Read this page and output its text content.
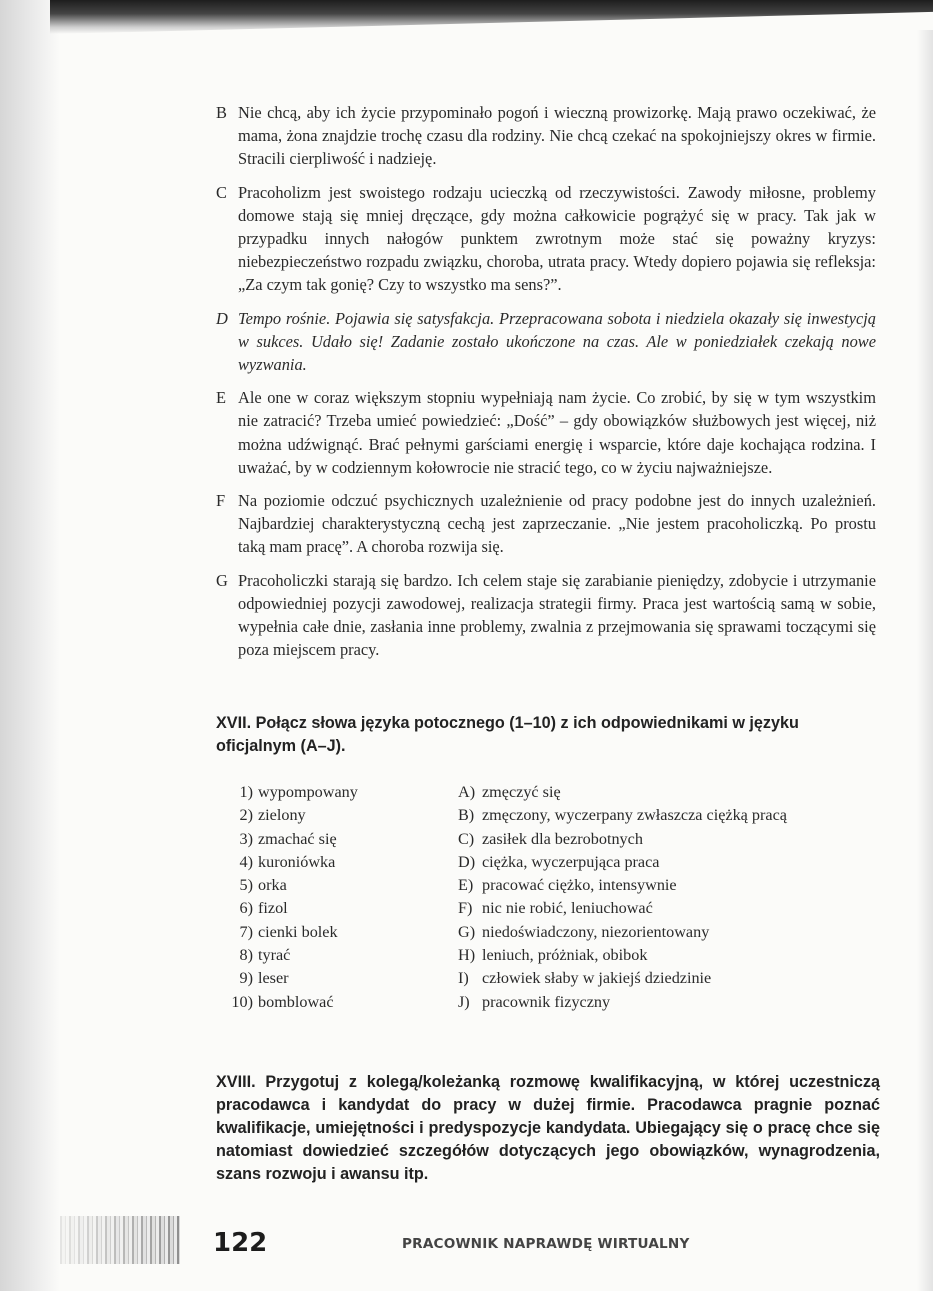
B Nie chcą, aby ich życie przypominało pogoń i wieczną prowizorkę. Mają prawo oczekiwać, że mama, żona znajdzie trochę czasu dla rodziny. Nie chcą czekać na spokojniejszy okres w firmie. Stracili cierpliwość i nadzieję.
C Pracoholizm jest swoistego rodzaju ucieczką od rzeczywistości. Zawody miłosne, problemy domowe stają się mniej dręczące, gdy można całkowicie pogrążyć się w pracy. Tak jak w przypadku innych nałogów punktem zwrotnym może stać się poważny kryzys: niebezpieczeństwo rozpadu związku, choroba, utrata pracy. Wtedy dopiero pojawia się refleksja: „Za czym tak gonię? Czy to wszystko ma sens?”.
D Tempo rośnie. Pojawia się satysfakcja. Przepracowana sobota i niedziela okazały się inwestycją w sukces. Udało się! Zadanie zostało ukończone na czas. Ale w poniedziałek czekają nowe wyzwania.
E Ale one w coraz większym stopniu wypełniają nam życie. Co zrobić, by się w tym wszystkim nie zatracić? Trzeba umieć powiedzieć: „Dość” – gdy obowiązków służbowych jest więcej, niż można udźwignąć. Brać pełnymi garściami energię i wsparcie, które daje kochająca rodzina. I uważać, by w codziennym kołowrocie nie stracić tego, co w życiu najważniejsze.
F Na poziomie odczuć psychicznych uzależnienie od pracy podobne jest do innych uzależnień. Najbardziej charakterystyczną cechą jest zaprzeczanie. „Nie jestem pracoholiczką. Po prostu taką mam pracę”. A choroba rozwija się.
G Pracoholiczki starają się bardzo. Ich celem staje się zarabianie pieniędzy, zdobycie i utrzymanie odpowiedniej pozycji zawodowej, realizacja strategii firmy. Praca jest wartością samą w sobie, wypełnia całe dnie, zasłania inne problemy, zwalnia z przejmowania się sprawami toczącymi się poza miejscem pracy.
XVII. Połącz słowa języka potocznego (1–10) z ich odpowiednikami w języku oficjalnym (A–J).
1) wypompowany
2) zielony
3) zmachać się
4) kuroniówka
5) orka
6) fizol
7) cienki bolek
8) tyrać
9) leser
10) bomblować
A) zmęczyć się
B) zmęczony, wyczerpany zwłaszcza ciężką pracą
C) zasiłek dla bezrobotnych
D) ciężka, wyczerpująca praca
E) pracować ciężko, intensywnie
F) nic nie robić, leniuchować
G) niedoświadczony, niezorientowany
H) leniuch, próżniak, obibok
I) człowiek słaby w jakiejś dziedzinie
J) pracownik fizyczny
XVIII. Przygotuj z kolegą/koleżanką rozmowę kwalifikacyjną, w której uczestniczą pracodawca i kandydat do pracy w dużej firmie. Pracodawca pragnie poznać kwalifikacje, umiejętności i predyspozycje kandydata. Ubiegający się o pracę chce się natomiast dowiedzieć szczegółów dotyczących jego obowiązków, wynagrodzenia, szans rozwoju i awansu itp.
122	PRACOWNIK NAPRAWDĘ WIRTUALNY
